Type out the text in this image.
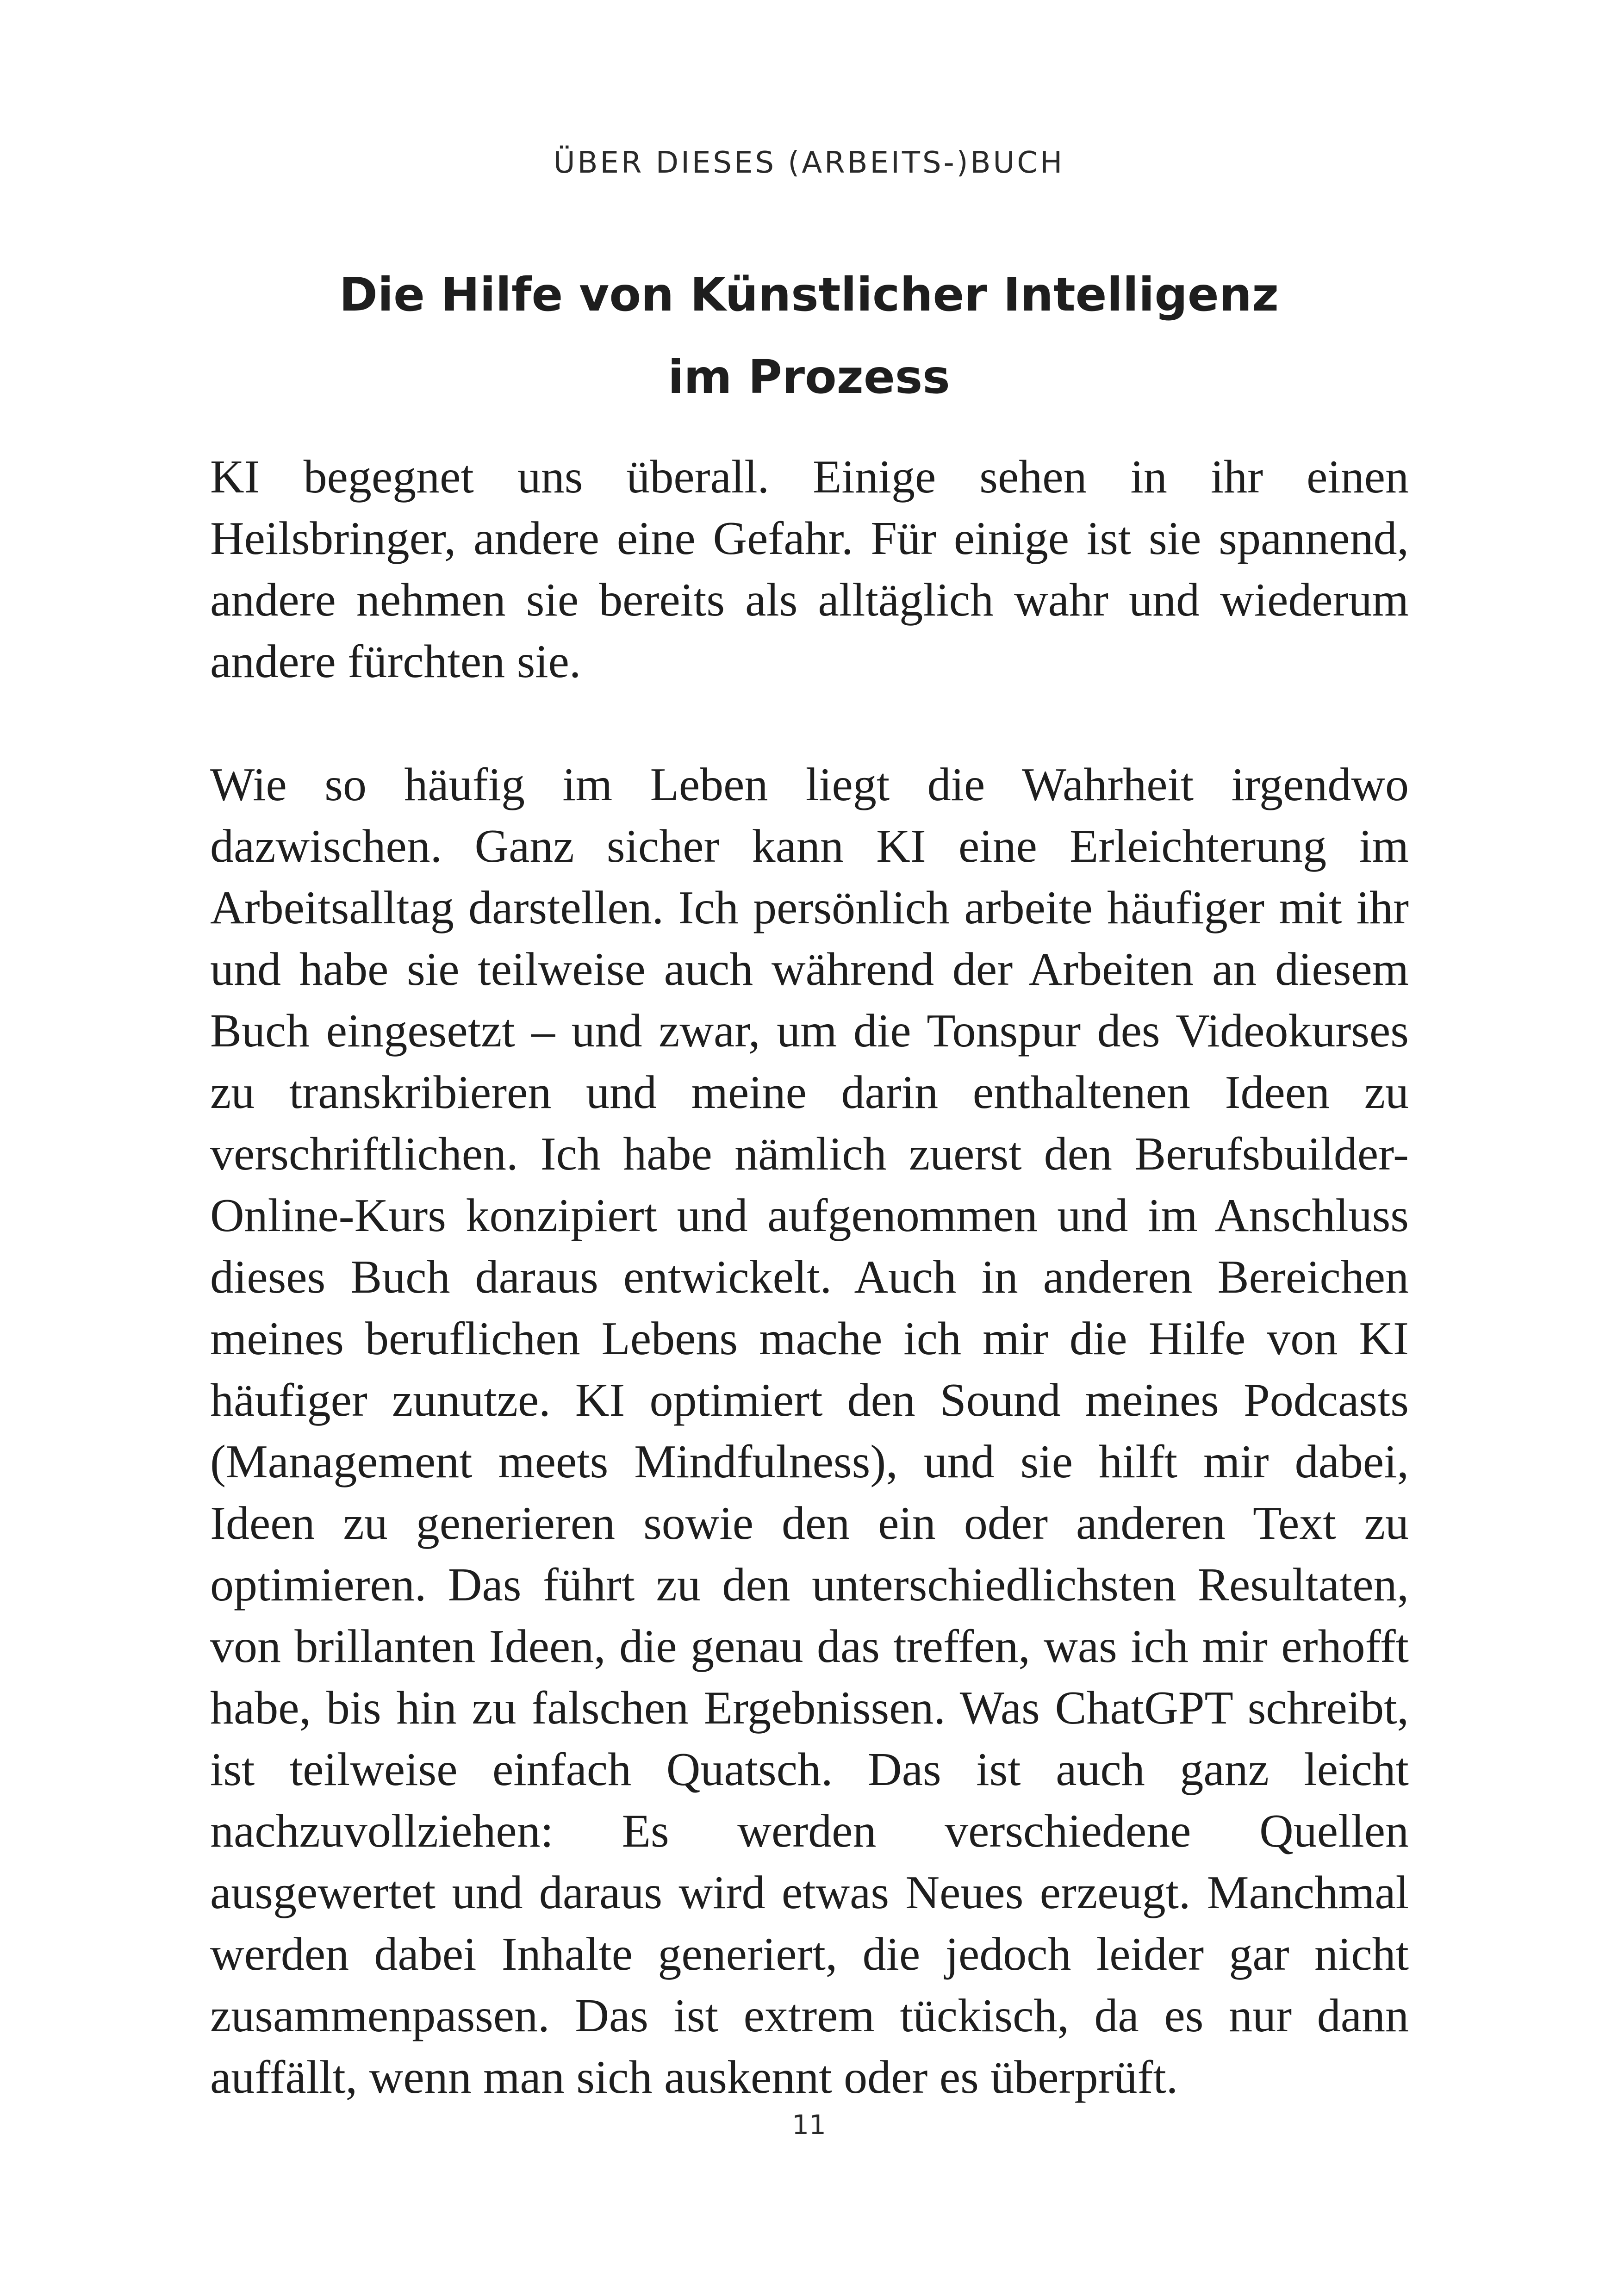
ÜBER DIESES (ARBEITS-)BUCH
Die Hilfe von Künstlicher Intelligenz
im Prozess

KI begegnet uns überall. Einige sehen in ihr einen Heilsbringer, andere eine Gefahr. Für einige ist sie spannend, andere nehmen sie bereits als alltäglich wahr und wiederum andere fürchten sie.

Wie so häufig im Leben liegt die Wahrheit irgendwo dazwischen. Ganz sicher kann KI eine Erleichterung im Arbeitsalltag darstellen. Ich persönlich arbeite häufiger mit ihr und habe sie teilweise auch während der Arbeiten an diesem Buch eingesetzt – und zwar, um die Tonspur des Videokurses zu transkribieren und meine darin enthaltenen Ideen zu verschriftlichen. Ich habe nämlich zuerst den Berufsbuilder-Online-Kurs konzipiert und aufgenommen und im Anschluss dieses Buch daraus entwickelt. Auch in anderen Bereichen meines beruflichen Lebens mache ich mir die Hilfe von KI häufiger zunutze. KI optimiert den Sound meines Podcasts (Management meets Mindfulness), und sie hilft mir dabei, Ideen zu generieren sowie den ein oder anderen Text zu optimieren. Das führt zu den unterschiedlichsten Resultaten, von brillanten Ideen, die genau das treffen, was ich mir erhofft habe, bis hin zu falschen Ergebnissen. Was ChatGPT schreibt, ist teilweise einfach Quatsch. Das ist auch ganz leicht nachzuvollziehen: Es werden verschiedene Quellen ausgewertet und daraus wird etwas Neues erzeugt. Manchmal werden dabei Inhalte generiert, die jedoch leider gar nicht zusammenpassen. Das ist extrem tückisch, da es nur dann auffällt, wenn man sich auskennt oder es überprüft.

11
